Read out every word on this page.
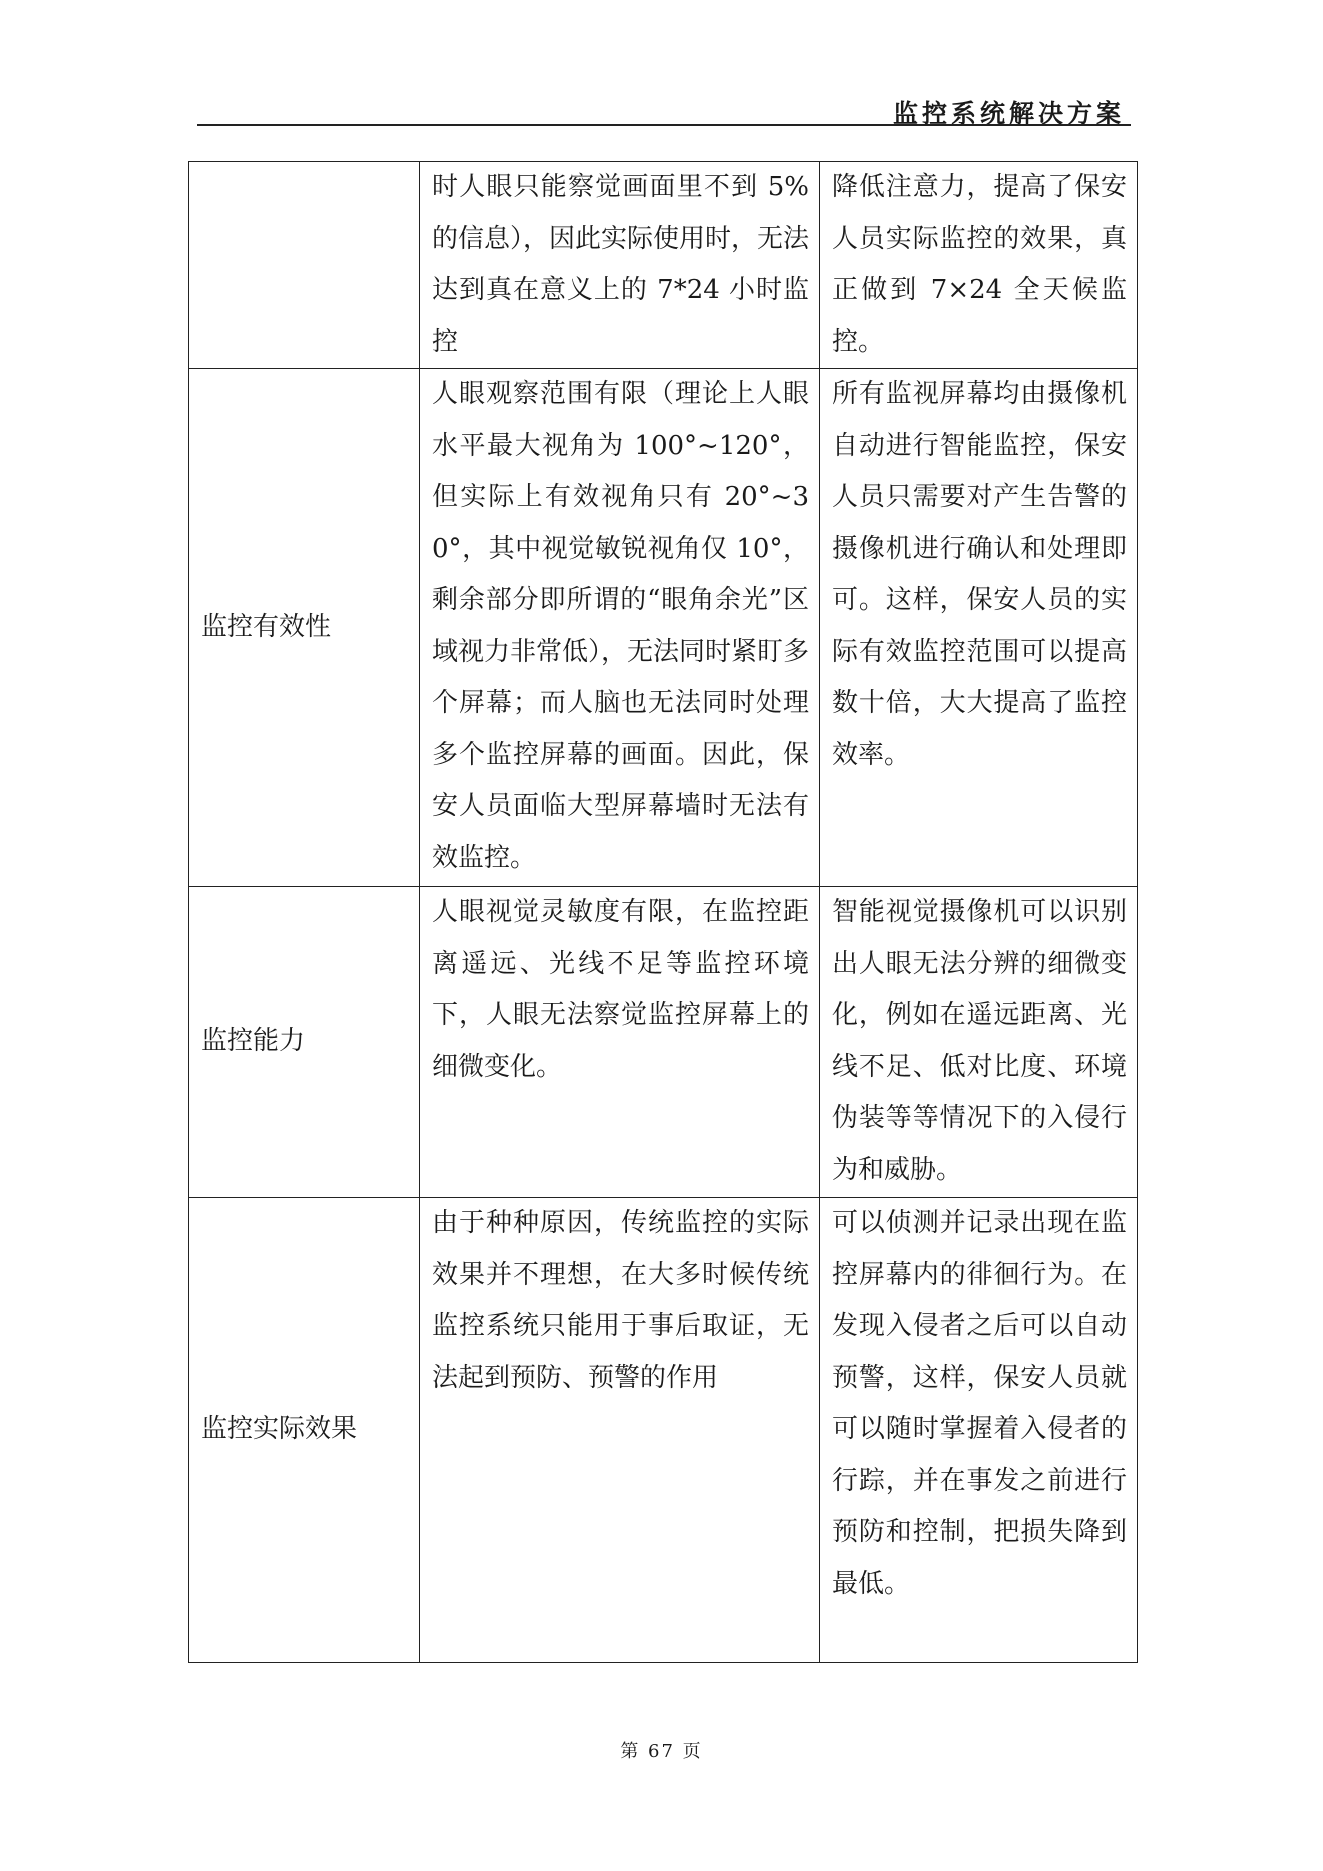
监控系统解决方案
	时人眼只能察觉画面里不到 5%的信息），因此实际使用时，无法达到真在意义上的 7*24 小时监控	降低注意力，提高了保安人员实际监控的效果，真正做到 7×24 全天候监控。
监控有效性	人眼观察范围有限（理论上人眼水平最大视角为 100°~120°，但实际上有效视角只有 20°~30°，其中视觉敏锐视角仅 10°，剩余部分即所谓的“眼角余光”区域视力非常低），无法同时紧盯多个屏幕；而人脑也无法同时处理多个监控屏幕的画面。因此，保安人员面临大型屏幕墙时无法有效监控。	所有监视屏幕均由摄像机自动进行智能监控，保安人员只需要对产生告警的摄像机进行确认和处理即可。这样，保安人员的实际有效监控范围可以提高数十倍，大大提高了监控效率。
监控能力	人眼视觉灵敏度有限，在监控距离遥远、光线不足等监控环境下，人眼无法察觉监控屏幕上的细微变化。	智能视觉摄像机可以识别出人眼无法分辨的细微变化，例如在遥远距离、光线不足、低对比度、环境伪装等等情况下的入侵行为和威胁。
监控实际效果	由于种种原因，传统监控的实际效果并不理想，在大多时候传统监控系统只能用于事后取证，无法起到预防、预警的作用	可以侦测并记录出现在监控屏幕内的徘徊行为。在发现入侵者之后可以自动预警，这样，保安人员就可以随时掌握着入侵者的行踪，并在事发之前进行预防和控制，把损失降到最低。
第 67 页
